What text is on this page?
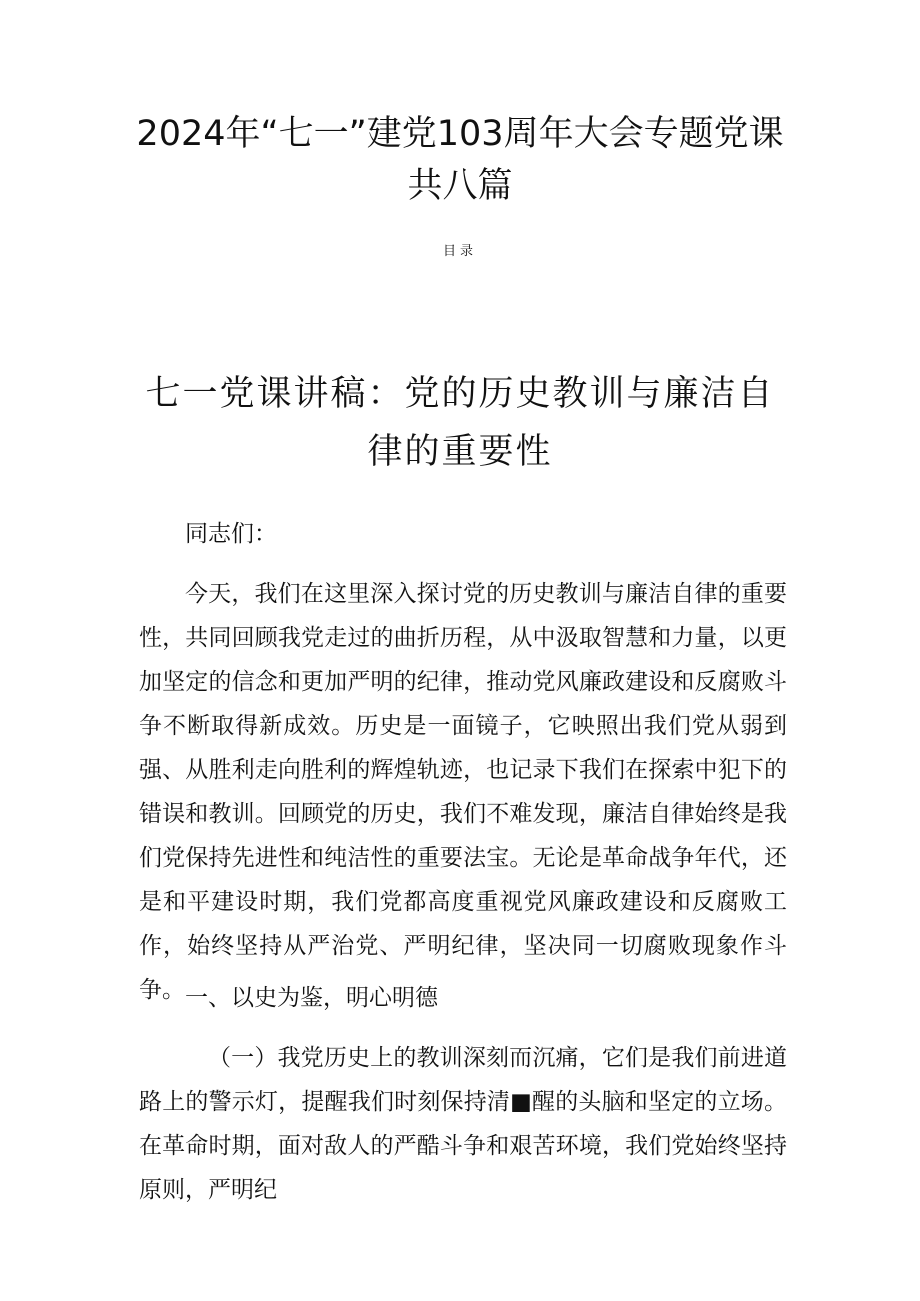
2024年“七一”建党103周年大会专题党课共八篇

目录

七一党课讲稿：党的历史教训与廉洁自律的重要性

同志们：

今天，我们在这里深入探讨党的历史教训与廉洁自律的重要性，共同回顾我党走过的曲折历程，从中汲取智慧和力量，以更加坚定的信念和更加严明的纪律，推动党风廉政建设和反腐败斗争不断取得新成效。历史是一面镜子，它映照出我们党从弱到强、从胜利走向胜利的辉煌轨迹，也记录下我们在探索中犯下的错误和教训。回顾党的历史，我们不难发现，廉洁自律始终是我们党保持先进性和纯洁性的重要法宝。无论是革命战争年代，还是和平建设时期，我们党都高度重视党风廉政建设和反腐败工作，始终坚持从严治党、严明纪律，坚决同一切腐败现象作斗争。 一、以史为鉴，明心明德

（一）我党历史上的教训深刻而沉痛，它们是我们前进道路上的警示灯，提醒我们时刻保持清■醒的头脑和坚定的立场。在革命时期，面对敌人的严酷斗争和艰苦环境，我们党始终坚持原则，严明纪
